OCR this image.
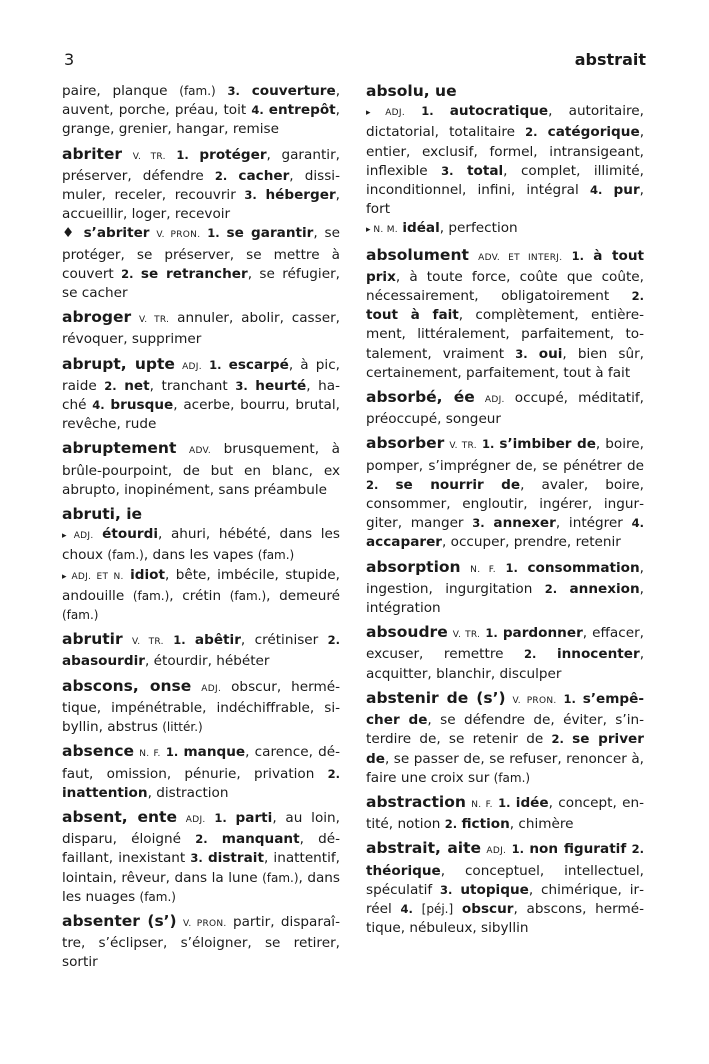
3	abstrait
paire, planque (fam.) 3. couverture, auvent, porche, préau, toit 4. entrepôt, grange, grenier, hangar, remise
abriter V. TR. 1. protéger, garantir, préserver, défendre 2. cacher, dissimuler, receler, recouvrir 3. héberger, accueillir, loger, recevoir
♦ s’abriter V. PRON. 1. se garantir, se protéger, se préserver, se mettre à couvert 2. se retrancher, se réfugier, se cacher
abroger V. TR. annuler, abolir, casser, révoquer, supprimer
abrupt, upte ADJ. 1. escarpé, à pic, raide 2. net, tranchant 3. heurté, haché 4. brusque, acerbe, bourru, brutal, revêche, rude
abruptement ADV. brusquement, à brûle-pourpoint, de but en blanc, ex abrupto, inopinément, sans préambule
abruti, ie
▸ ADJ. étourdi, ahuri, hébété, dans les choux (fam.), dans les vapes (fam.)
▸ ADJ. ET N. idiot, bête, imbécile, stupide, andouille (fam.), crétin (fam.), demeuré (fam.)
abrutir V. TR. 1. abêtir, crétiniser 2. abasourdir, étourdir, hébéter
abscons, onse ADJ. obscur, hermétique, impénétrable, indéchiffrable, sibyllin, abstrus (littér.)
absence N. F. 1. manque, carence, défaut, omission, pénurie, privation 2. inattention, distraction
absent, ente ADJ. 1. parti, au loin, disparu, éloigné 2. manquant, défaillant, inexistant 3. distrait, inattentif, lointain, rêveur, dans la lune (fam.), dans les nuages (fam.)
absenter (s’) V. PRON. partir, disparaître, s’éclipser, s’éloigner, se retirer, sortir
absolu, ue
▸ ADJ. 1. autocratique, autoritaire, dictatorial, totalitaire 2. catégorique, entier, exclusif, formel, intransigeant, inflexible 3. total, complet, illimité, inconditionnel, infini, intégral 4. pur, fort
▸ N. M. idéal, perfection
absolument ADV. ET INTERJ. 1. à tout prix, à toute force, coûte que coûte, nécessairement, obligatoirement 2. tout à fait, complètement, entièrement, littéralement, parfaitement, totalement, vraiment 3. oui, bien sûr, certainement, parfaitement, tout à fait
absorbé, ée ADJ. occupé, méditatif, préoccupé, songeur
absorber V. TR. 1. s’imbiber de, boire, pomper, s’imprégner de, se pénétrer de 2. se nourrir de, avaler, boire, consommer, engloutir, ingérer, ingurgiter, manger 3. annexer, intégrer 4. accaparer, occuper, prendre, retenir
absorption N. F. 1. consommation, ingestion, ingurgitation 2. annexion, intégration
absoudre V. TR. 1. pardonner, effacer, excuser, remettre 2. innocenter, acquitter, blanchir, disculper
abstenir de (s’) V. PRON. 1. s’empêcher de, se défendre de, éviter, s’interdire de, se retenir de 2. se priver de, se passer de, se refuser, renoncer à, faire une croix sur (fam.)
abstraction N. F. 1. idée, concept, entité, notion 2. fiction, chimère
abstrait, aite ADJ. 1. non figuratif 2. théorique, conceptuel, intellectuel, spéculatif 3. utopique, chimérique, irréel 4. [péj.] obscur, abscons, hermétique, nébuleux, sibyllin
